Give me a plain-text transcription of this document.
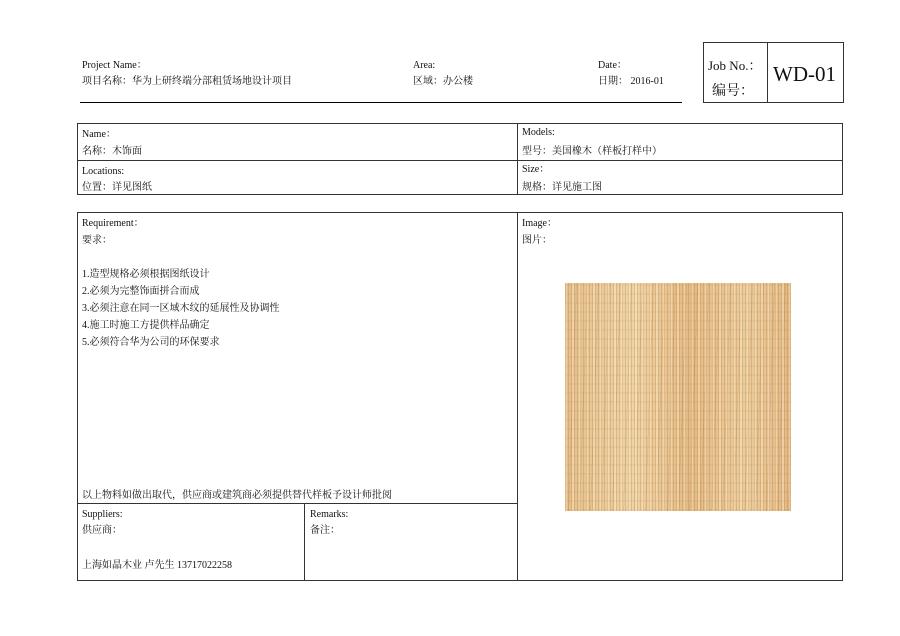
Project Name：
项目名称：华为上研终端分部租赁场地设计项目
Area:
区域：办公楼
Date：
日期： 2016-01
Job No.：
编号：
WD-01
Name：
名称：木饰面
Models:
型号：美国橡木（样板打样中）
Locations:
位置：详见图纸
Size：
规格：详见施工图
Requirement：
要求：
1.造型规格必须根据图纸设计
2.必须为完整饰面拼合而成
3.必须注意在同一区域木纹的延展性及协调性
4.施工时施工方提供样品确定
5.必须符合华为公司的环保要求
以上物料如做出取代，供应商或建筑商必须提供替代样板予设计师批阅
Image：
图片：
Suppliers:
供应商：
上海如晶木业 卢先生 13717022258
Remarks:
备注：
